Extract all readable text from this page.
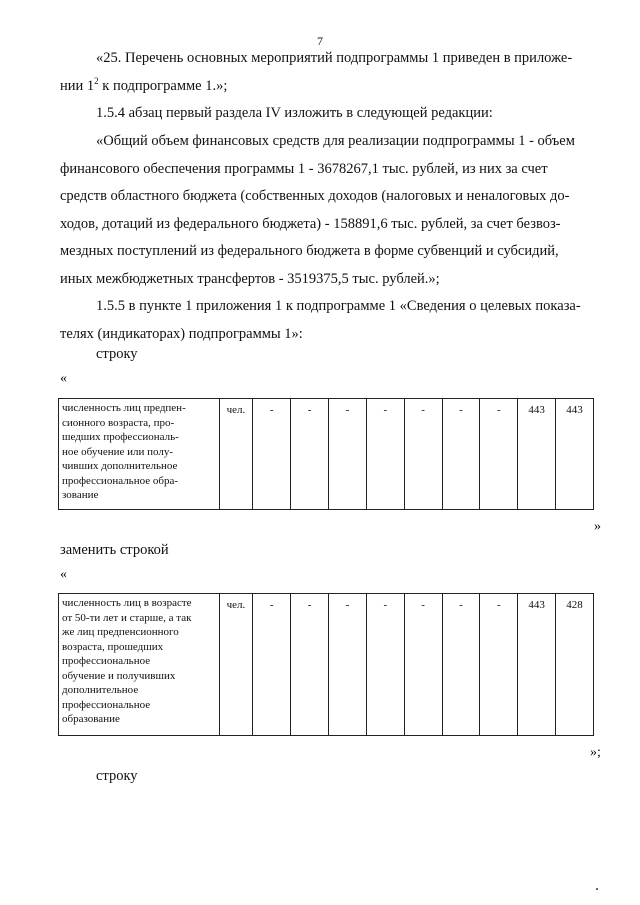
7
«25. Перечень основных мероприятий подпрограммы 1 приведен в приложе-
нии $1^2$ к подпрограмме 1.»;
1.5.4 абзац первый раздела IV изложить в следующей редакции:
«Общий объем финансовых средств для реализации подпрограммы 1 - объем
финансового обеспечения программы 1 - 3678267,1 тыс. рублей, из них за счет
средств областного бюджета (собственных доходов (налоговых и неналоговых до-
ходов, дотаций из федерального бюджета) - 158891,6 тыс. рублей, за счет безвоз-
мездных поступлений из федерального бюджета в форме субвенций и субсидий,
иных межбюджетных трансфертов - 3519375,5 тыс. рублей.»;
1.5.5 в пункте 1 приложения 1 к подпрограмме 1 «Сведения о целевых показа-
телях (индикаторах) подпрограммы 1»:
строку
«
численность лиц предпен-
сионного возраста, про-
шедших профессиональ-
ное обучение или полу-
чивших дополнительное
профессиональное обра-
зование
	чел.	-	-	-	-	-	-	-	443	443
»
заменить строкой
«
численность лиц в возрасте
от 50-ти лет и старше, а так
же лиц предпенсионного
возраста, прошедших
профессиональное
обучение и получивших
дополнительное
профессиональное
образование
	чел.	-	-	-	-	-	-	-	443	428
»;
строку
